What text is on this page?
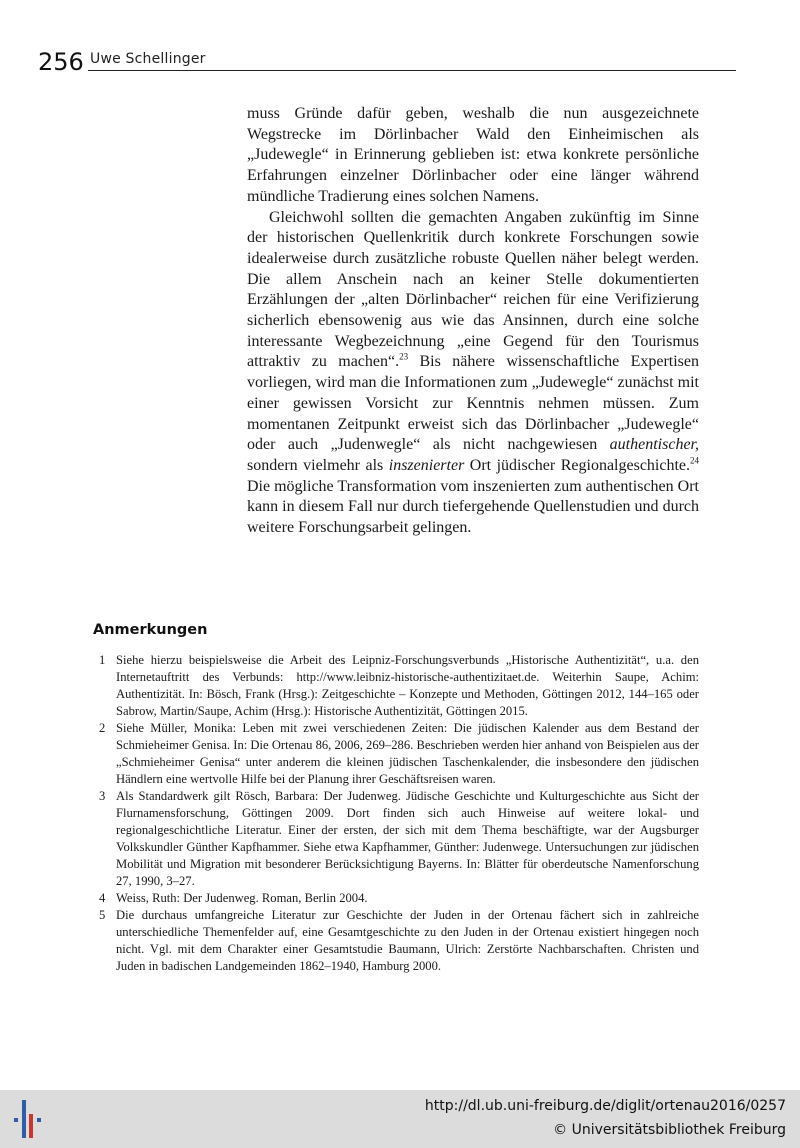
256 Uwe Schellinger

muss Gründe dafür geben, weshalb die nun ausgezeichnete Wegstrecke im Dörlinbacher Wald den Einheimischen als „Judewegle“ in Erinnerung geblieben ist: etwa konkrete persönliche Erfahrungen einzelner Dörlinbacher oder eine länger während mündliche Tradierung eines solchen Namens.

Gleichwohl sollten die gemachten Angaben zukünftig im Sinne der historischen Quellenkritik durch konkrete Forschungen sowie idealerweise durch zusätzliche robuste Quellen näher belegt werden. Die allem Anschein nach an keiner Stelle dokumentierten Erzählungen der „alten Dörlinbacher“ reichen für eine Verifizierung sicherlich ebensowenig aus wie das Ansinnen, durch eine solche interessante Wegbezeichnung „eine Gegend für den Tourismus attraktiv zu machen“.$^{23}$ Bis nähere wissenschaftliche Expertisen vorliegen, wird man die Informationen zum „Judewegle“ zunächst mit einer gewissen Vorsicht zur Kenntnis nehmen müssen. Zum momentanen Zeitpunkt erweist sich das Dörlinbacher „Judewegle“ oder auch „Judenwegle“ als nicht nachgewiesen authentischer, sondern vielmehr als inszenierter Ort jüdischer Regionalgeschichte.$^{24}$ Die mögliche Transformation vom inszenierten zum authentischen Ort kann in diesem Fall nur durch tiefergehende Quellenstudien und durch weitere Forschungsarbeit gelingen.

Anmerkungen
1 Siehe hierzu beispielsweise die Arbeit des Leipniz-Forschungsverbunds „Historische Authentizität“, u.a. den Internetauftritt des Verbunds: http://www.leibniz-historische-authentizitaet.de. Weiterhin Saupe, Achim: Authentizität. In: Bösch, Frank (Hrsg.): Zeitgeschichte – Konzepte und Methoden, Göttingen 2012, 144–165 oder Sabrow, Martin/Saupe, Achim (Hrsg.): Historische Authentizität, Göttingen 2015.
2 Siehe Müller, Monika: Leben mit zwei verschiedenen Zeiten: Die jüdischen Kalender aus dem Bestand der Schmieheimer Genisa. In: Die Ortenau 86, 2006, 269–286. Beschrieben werden hier anhand von Beispielen aus der „Schmieheimer Genisa“ unter anderem die kleinen jüdischen Taschenkalender, die insbesondere den jüdischen Händlern eine wertvolle Hilfe bei der Planung ihrer Geschäftsreisen waren.
3 Als Standardwerk gilt Rösch, Barbara: Der Judenweg. Jüdische Geschichte und Kulturgeschichte aus Sicht der Flurnamensforschung, Göttingen 2009. Dort finden sich auch Hinweise auf weitere lokal- und regionalgeschichtliche Literatur. Einer der ersten, der sich mit dem Thema beschäftigte, war der Augsburger Volkskundler Günther Kapfhammer. Siehe etwa Kapfhammer, Günther: Judenwege. Untersuchungen zur jüdischen Mobilität und Migration mit besonderer Berücksichtigung Bayerns. In: Blätter für oberdeutsche Namenforschung 27, 1990, 3–27.
4 Weiss, Ruth: Der Judenweg. Roman, Berlin 2004.
5 Die durchaus umfangreiche Literatur zur Geschichte der Juden in der Ortenau fächert sich in zahlreiche unterschiedliche Themenfelder auf, eine Gesamtgeschichte zu den Juden in der Ortenau existiert hingegen noch nicht. Vgl. mit dem Charakter einer Gesamtstudie Baumann, Ulrich: Zerstörte Nachbarschaften. Christen und Juden in badischen Landgemeinden 1862–1940, Hamburg 2000.
http://dl.ub.uni-freiburg.de/diglit/ortenau2016/0257
© Universitätsbibliothek Freiburg
